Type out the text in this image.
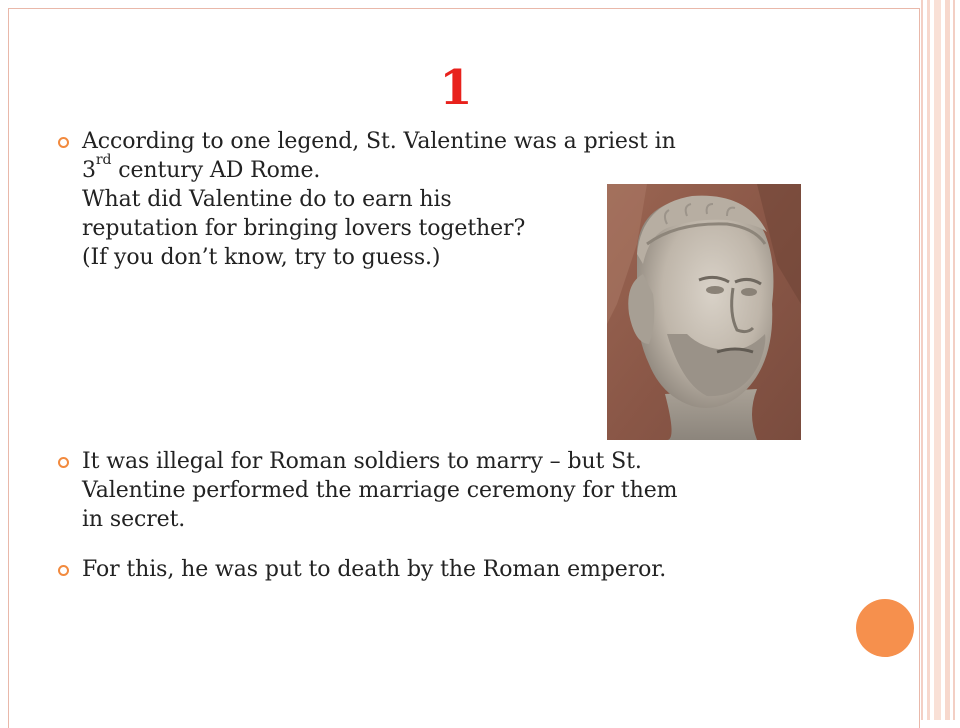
1
According to one legend, St. Valentine was a priest in
3rd century AD Rome.
What did Valentine do to earn his
reputation for bringing lovers together?
(If you don’t know, try to guess.)
It was illegal for Roman soldiers to marry – but St.
Valentine performed the marriage ceremony for them
in secret.
For this, he was put to death by the Roman emperor.
